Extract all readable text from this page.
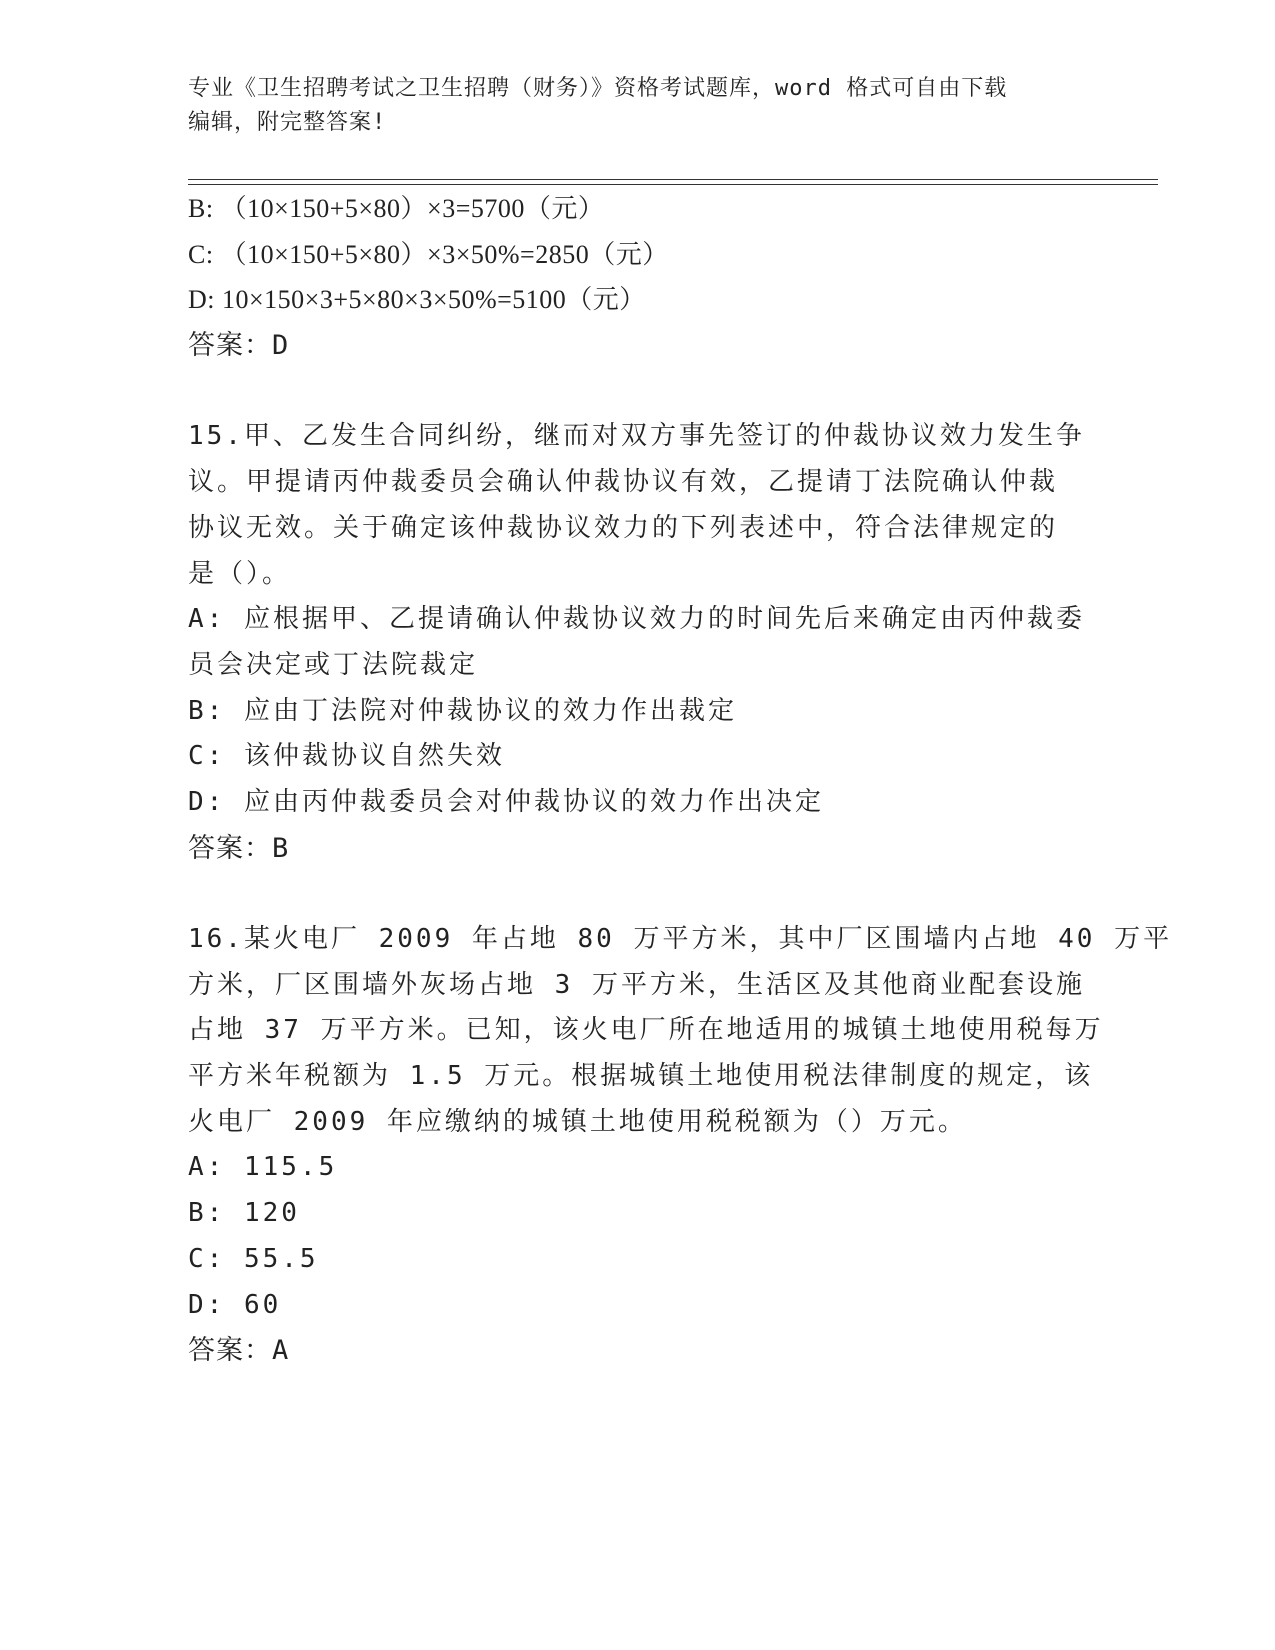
专业《卫生招聘考试之卫生招聘（财务）》资格考试题库，word 格式可自由下载
编辑，附完整答案!
B: （10×150+5×80）×3=5700（元）
C: （10×150+5×80）×3×50%=2850（元）
D: 10×150×3+5×80×3×50%=5100（元）
答案：D
15.甲、乙发生合同纠纷，继而对双方事先签订的仲裁协议效力发生争
议。甲提请丙仲裁委员会确认仲裁协议有效，乙提请丁法院确认仲裁
协议无效。关于确定该仲裁协议效力的下列表述中，符合法律规定的
是（）。
A: 应根据甲、乙提请确认仲裁协议效力的时间先后来确定由丙仲裁委
员会决定或丁法院裁定
B: 应由丁法院对仲裁协议的效力作出裁定
C: 该仲裁协议自然失效
D: 应由丙仲裁委员会对仲裁协议的效力作出决定
答案：B
16.某火电厂 2009 年占地 80 万平方米，其中厂区围墙内占地 40 万平
方米，厂区围墙外灰场占地 3 万平方米，生活区及其他商业配套设施
占地 37 万平方米。已知，该火电厂所在地适用的城镇土地使用税每万
平方米年税额为 1.5 万元。根据城镇土地使用税法律制度的规定，该
火电厂 2009 年应缴纳的城镇土地使用税税额为（）万元。
A: 115.5
B: 120
C: 55.5
D: 60
答案：A
